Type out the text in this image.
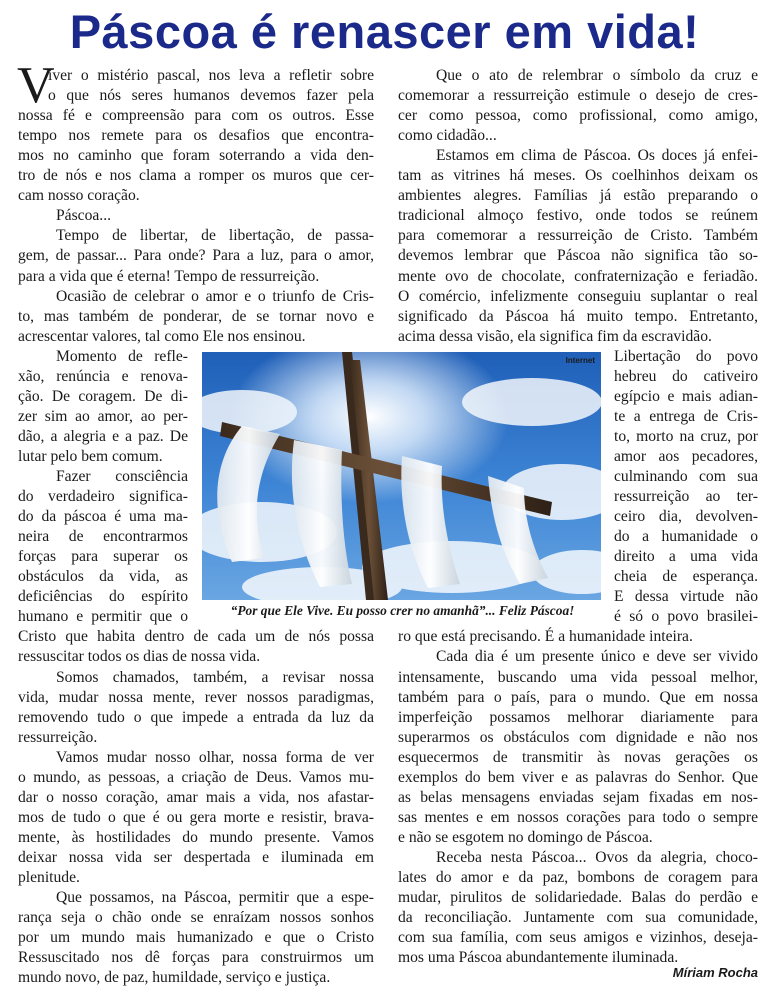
Páscoa é renascer em vida!
V
iver o mistério pascal, nos leva a refletir sobre
o que nós seres humanos devemos fazer pela
nossa fé e compreensão para com os outros. Esse
tempo nos remete para os desafios que encontra-
mos no caminho que foram soterrando a vida den-
tro de nós e nos clama a romper os muros que cer-
cam nosso coração.
Páscoa...
Tempo de libertar, de libertação, de passa-
gem, de passar... Para onde? Para a luz, para o amor,
para a vida que é eterna! Tempo de ressurreição.
Ocasião de celebrar o amor e o triunfo de Cris-
to, mas também de ponderar, de se tornar novo e
acrescentar valores, tal como Ele nos ensinou.
Momento de refle-
xão, renúncia e renova-
ção. De coragem. De di-
zer sim ao amor, ao per-
dão, a alegria e a paz. De
lutar pelo bem comum.
Fazer consciência
do verdadeiro significa-
do da páscoa é uma ma-
neira de encontrarmos
forças para superar os
obstáculos da vida, as
deficiências do espírito
humano e permitir que o
Cristo que habita dentro de cada um de nós possa
ressuscitar todos os dias de nossa vida.
Somos chamados, também, a revisar nossa
vida, mudar nossa mente, rever nossos paradigmas,
removendo tudo o que impede a entrada da luz da
ressurreição.
Vamos mudar nosso olhar, nossa forma de ver
o mundo, as pessoas, a criação de Deus. Vamos mu-
dar o nosso coração, amar mais a vida, nos afastar-
mos de tudo o que é ou gera morte e resistir, brava-
mente, às hostilidades do mundo presente. Vamos
deixar nossa vida ser despertada e iluminada em
plenitude.
Que possamos, na Páscoa, permitir que a espe-
rança seja o chão onde se enraízam nossos sonhos
por um mundo mais humanizado e que o Cristo
Ressuscitado nos dê forças para construirmos um
mundo novo, de paz, humildade, serviço e justiça.
Que o ato de relembrar o símbolo da cruz e
comemorar a ressurreição estimule o desejo de cres-
cer como pessoa, como profissional, como amigo,
como cidadão...
Estamos em clima de Páscoa. Os doces já enfei-
tam as vitrines há meses. Os coelhinhos deixam os
ambientes alegres. Famílias já estão preparando o
tradicional almoço festivo, onde todos se reúnem
para comemorar a ressurreição de Cristo. Também
devemos lembrar que Páscoa não significa tão so-
mente ovo de chocolate, confraternização e feriadão.
O comércio, infelizmente conseguiu suplantar o real
significado da Páscoa há muito tempo. Entretanto,
acima dessa visão, ela significa fim da escravidão.
Libertação do povo
hebreu do cativeiro
egípcio e mais adian-
te a entrega de Cris-
to, morto na cruz, por
amor aos pecadores,
culminando com sua
ressurreição ao ter-
ceiro dia, devolven-
do a humanidade o
direito a uma vida
cheia de esperança.
E dessa virtude não
é só o povo brasilei-
ro que está precisando. É a humanidade inteira.
Cada dia é um presente único e deve ser vivido
intensamente, buscando uma vida pessoal melhor,
também para o país, para o mundo. Que em nossa
imperfeição possamos melhorar diariamente para
superarmos os obstáculos com dignidade e não nos
esquecermos de transmitir às novas gerações os
exemplos do bem viver e as palavras do Senhor. Que
as belas mensagens enviadas sejam fixadas em nos-
sas mentes e em nossos corações para todo o sempre
e não se esgotem no domingo de Páscoa.
Receba nesta Páscoa... Ovos da alegria, choco-
lates do amor e da paz, bombons de coragem para
mudar, pirulitos de solidariedade. Balas do perdão e
da reconciliação. Juntamente com sua comunidade,
com sua família, com seus amigos e vizinhos, deseja-
mos uma Páscoa abundantemente iluminada.
Internet
“Por que Ele Vive. Eu posso crer no amanhã”... Feliz Páscoa!
Míriam Rocha
